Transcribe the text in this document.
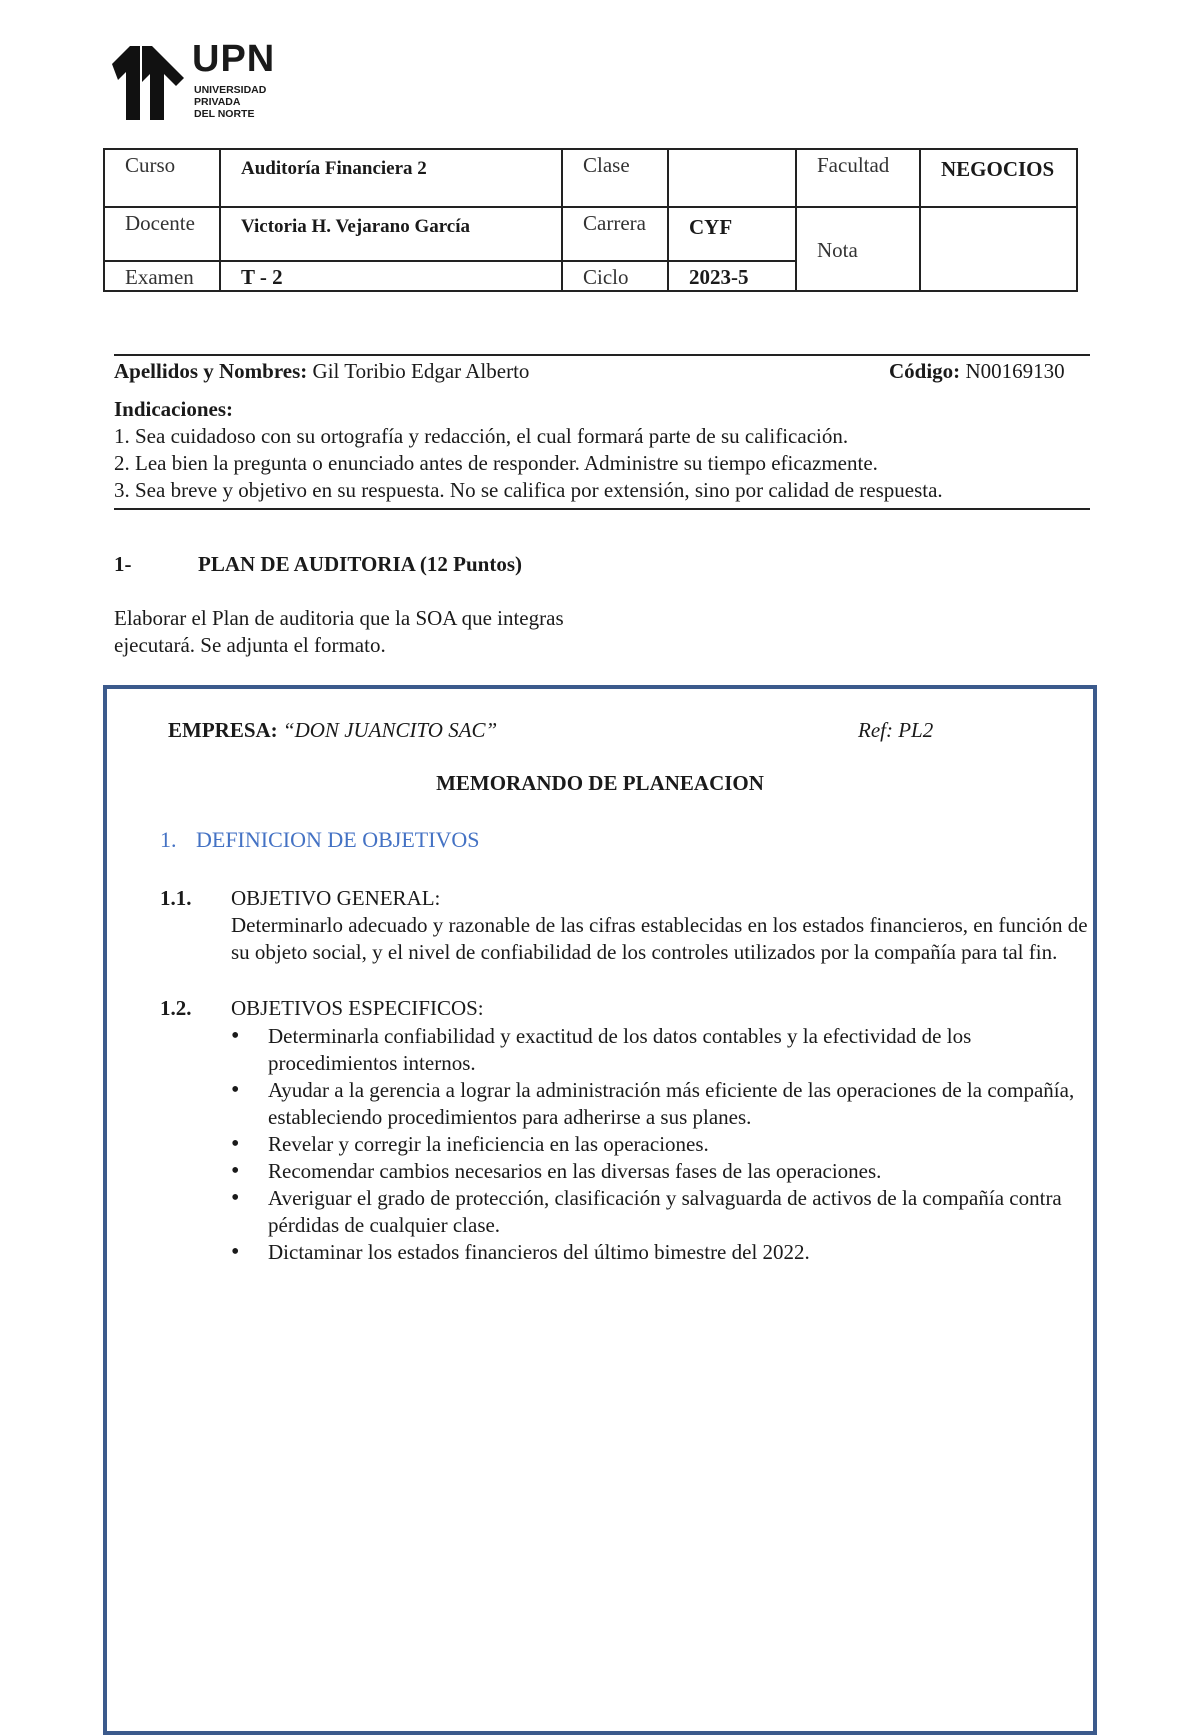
UPN
UNIVERSIDAD
PRIVADA
DEL NORTE
Curso	Auditoría Financiera 2	Clase		Facultad	NEGOCIOS
Docente	Victoria H. Vejarano García	Carrera	CYF	Nota	
Examen	T - 2	Ciclo	2023-5		
Apellidos y Nombres: Gil Toribio Edgar Alberto	Código: N00169130
Indicaciones:
1. Sea cuidadoso con su ortografía y redacción, el cual formará parte de su calificación.
2. Lea bien la pregunta o enunciado antes de responder. Administre su tiempo eficazmente.
3. Sea breve y objetivo en su respuesta. No se califica por extensión, sino por calidad de respuesta.
1-	PLAN DE AUDITORIA (12 Puntos)
Elaborar el Plan de auditoria que la SOA que integras
ejecutará. Se adjunta el formato.
EMPRESA: “DON JUANCITO SAC”	Ref: PL2
MEMORANDO DE PLANEACION
1. DEFINICION DE OBJETIVOS
1.1. OBJETIVO GENERAL:
Determinarlo adecuado y razonable de las cifras establecidas en los estados financieros, en función de su objeto social, y el nivel de confiabilidad de los controles utilizados por la compañía para tal fin.
1.2. OBJETIVOS ESPECIFICOS:
• Determinarla confiabilidad y exactitud de los datos contables y la efectividad de los procedimientos internos.
• Ayudar a la gerencia a lograr la administración más eficiente de las operaciones de la compañía, estableciendo procedimientos para adherirse a sus planes.
• Revelar y corregir la ineficiencia en las operaciones.
• Recomendar cambios necesarios en las diversas fases de las operaciones.
• Averiguar el grado de protección, clasificación y salvaguarda de activos de la compañía contra pérdidas de cualquier clase.
• Dictaminar los estados financieros del último bimestre del 2022.
